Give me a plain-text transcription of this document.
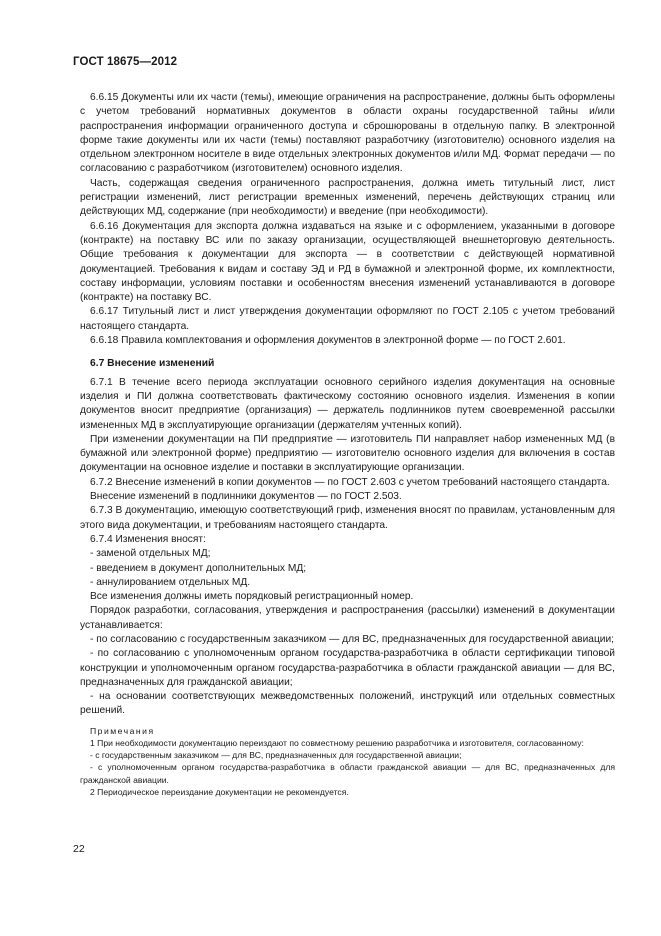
ГОСТ 18675—2012

6.6.15 Документы или их части (темы), имеющие ограничения на распространение, должны быть оформлены с учетом требований нормативных документов в области охраны государственной тайны и/или распространения информации ограниченного доступа и сброшюрованы в отдельную папку. В электронной форме такие документы или их части (темы) поставляют разработчику (изготовителю) основного изделия на отдельном электронном носителе в виде отдельных электронных документов и/или МД. Формат передачи — по согласованию с разработчиком (изготовителем) основного изделия.

Часть, содержащая сведения ограниченного распространения, должна иметь титульный лист, лист регистрации изменений, лист регистрации временных изменений, перечень действующих страниц или действующих МД, содержание (при необходимости) и введение (при необходимости).

6.6.16 Документация для экспорта должна издаваться на языке и с оформлением, указанными в договоре (контракте) на поставку ВС или по заказу организации, осуществляющей внешнеторговую деятельность. Общие требования к документации для экспорта — в соответствии с действующей нормативной документацией. Требования к видам и составу ЭД и РД в бумажной и электронной форме, их комплектности, составу информации, условиям поставки и особенностям внесения изменений устанавливаются в договоре (контракте) на поставку ВС.

6.6.17 Титульный лист и лист утверждения документации оформляют по ГОСТ 2.105 с учетом требований настоящего стандарта.

6.6.18 Правила комплектования и оформления документов в электронной форме — по ГОСТ 2.601.

6.7 Внесение изменений

6.7.1 В течение всего периода эксплуатации основного серийного изделия документация на основные изделия и ПИ должна соответствовать фактическому состоянию основного изделия. Изменения в копии документов вносит предприятие (организация) — держатель подлинников путем своевременной рассылки измененных МД в эксплуатирующие организации (держателям учтенных копий).

При изменении документации на ПИ предприятие — изготовитель ПИ направляет набор измененных МД (в бумажной или электронной форме) предприятию — изготовителю основного изделия для включения в состав документации на основное изделие и поставки в эксплуатирующие организации.

6.7.2 Внесение изменений в копии документов — по ГОСТ 2.603 с учетом требований настоящего стандарта.

Внесение изменений в подлинники документов — по ГОСТ 2.503.

6.7.3 В документацию, имеющую соответствующий гриф, изменения вносят по правилам, установленным для этого вида документации, и требованиям настоящего стандарта.

6.7.4 Изменения вносят:

- заменой отдельных МД;

- введением в документ дополнительных МД;

- аннулированием отдельных МД.

Все изменения должны иметь порядковый регистрационный номер.

Порядок разработки, согласования, утверждения и распространения (рассылки) изменений в документации устанавливается:

- по согласованию с государственным заказчиком — для ВС, предназначенных для государственной авиации;

- по согласованию с уполномоченным органом государства-разработчика в области сертификации типовой конструкции и уполномоченным органом государства-разработчика в области гражданской авиации — для ВС, предназначенных для гражданской авиации;

- на основании соответствующих межведомственных положений, инструкций или отдельных совместных решений.

Примечания

1 При необходимости документацию переиздают по совместному решению разработчика и изготовителя, согласованному:

- с государственным заказчиком — для ВС, предназначенных для государственной авиации;

- с уполномоченным органом государства-разработчика в области гражданской авиации — для ВС, предназначенных для гражданской авиации.

2 Периодическое переиздание документации не рекомендуется.

22
